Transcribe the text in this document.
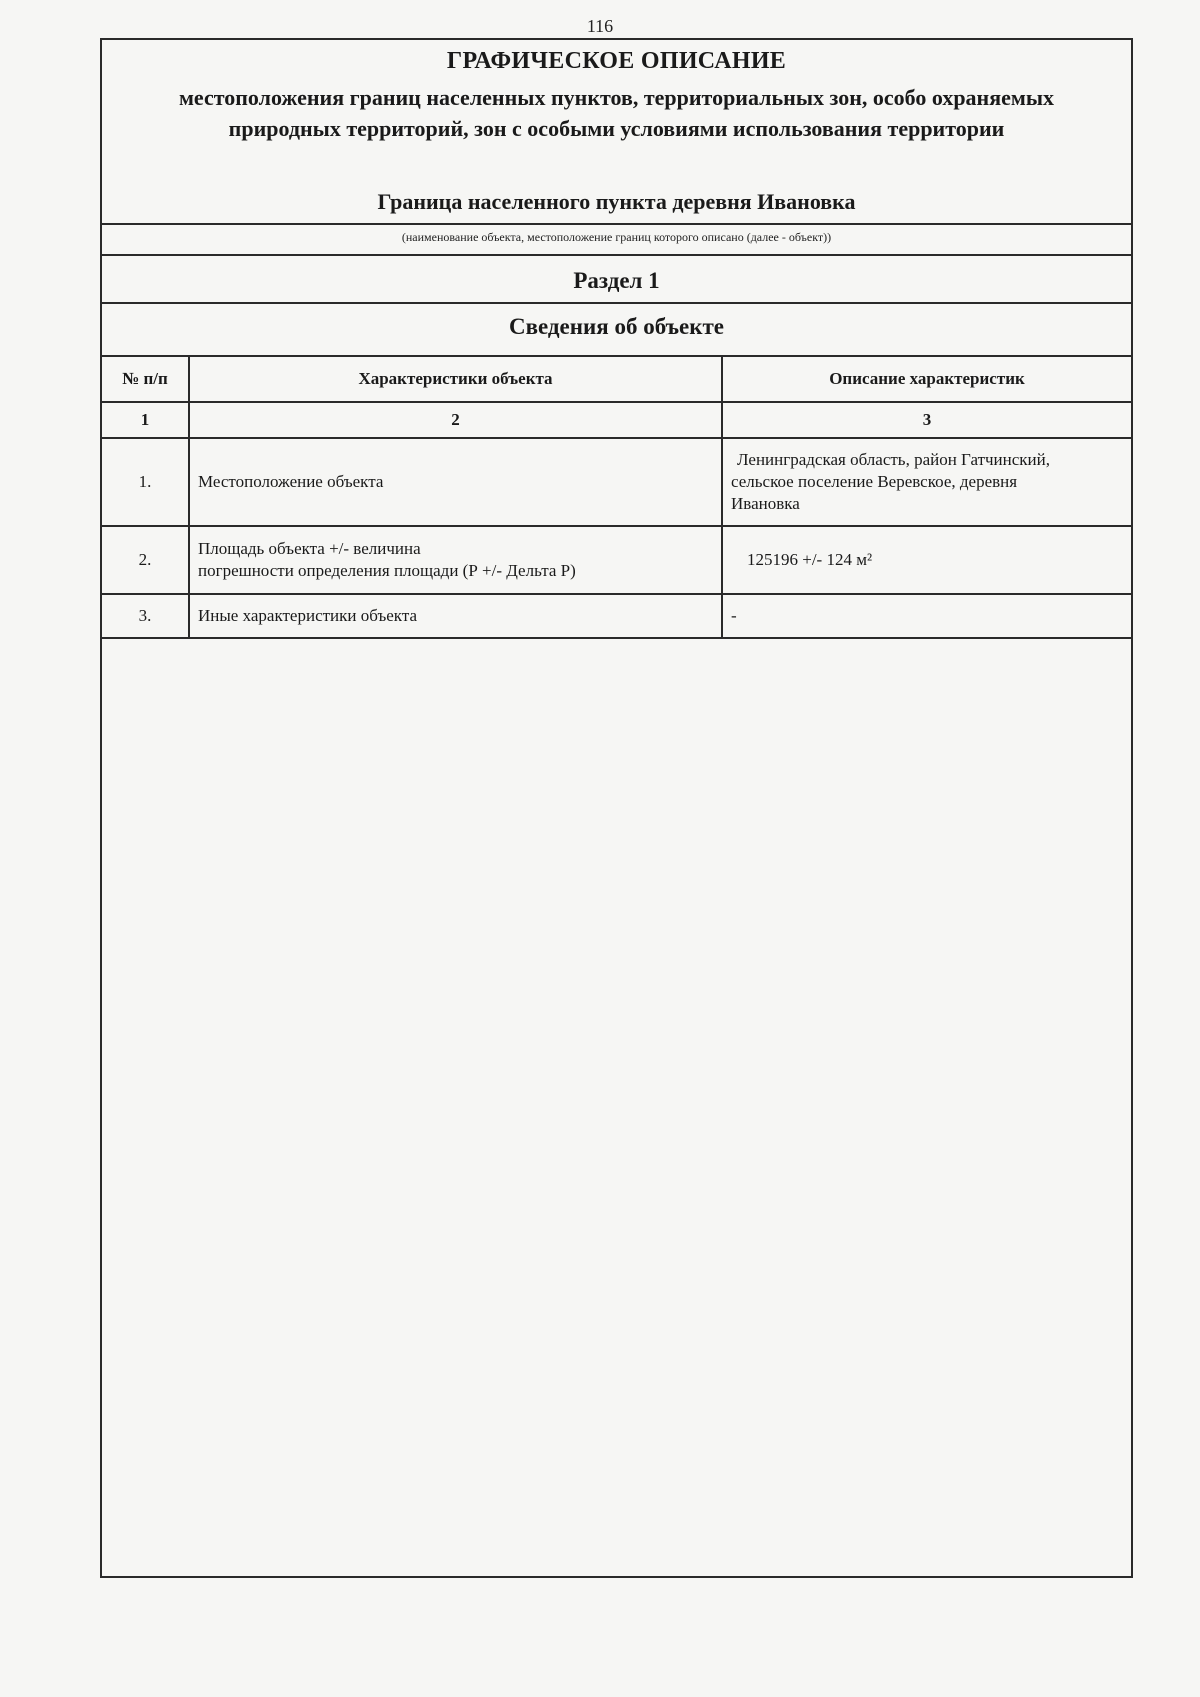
116
ГРАФИЧЕСКОЕ ОПИСАНИЕ
местоположения границ населенных пунктов, территориальных зон, особо охраняемых природных территорий, зон с особыми условиями использования территории
Граница населенного пункта деревня Ивановка
(наименование объекта, местоположение границ которого описано (далее - объект))
Раздел 1
Сведения об объекте
№ п/п	Характеристики объекта	Описание характеристик
1	2	3
1.	Местоположение объекта	Ленинградская область, район Гатчинский,
сельское поселение Веревское, деревня
Ивановка

2.	Площадь объекта +/- величина
погрешности определения площади (Р +/- Дельта Р)	125196 +/- 124 м²

3.	Иные характеристики объекта	-
